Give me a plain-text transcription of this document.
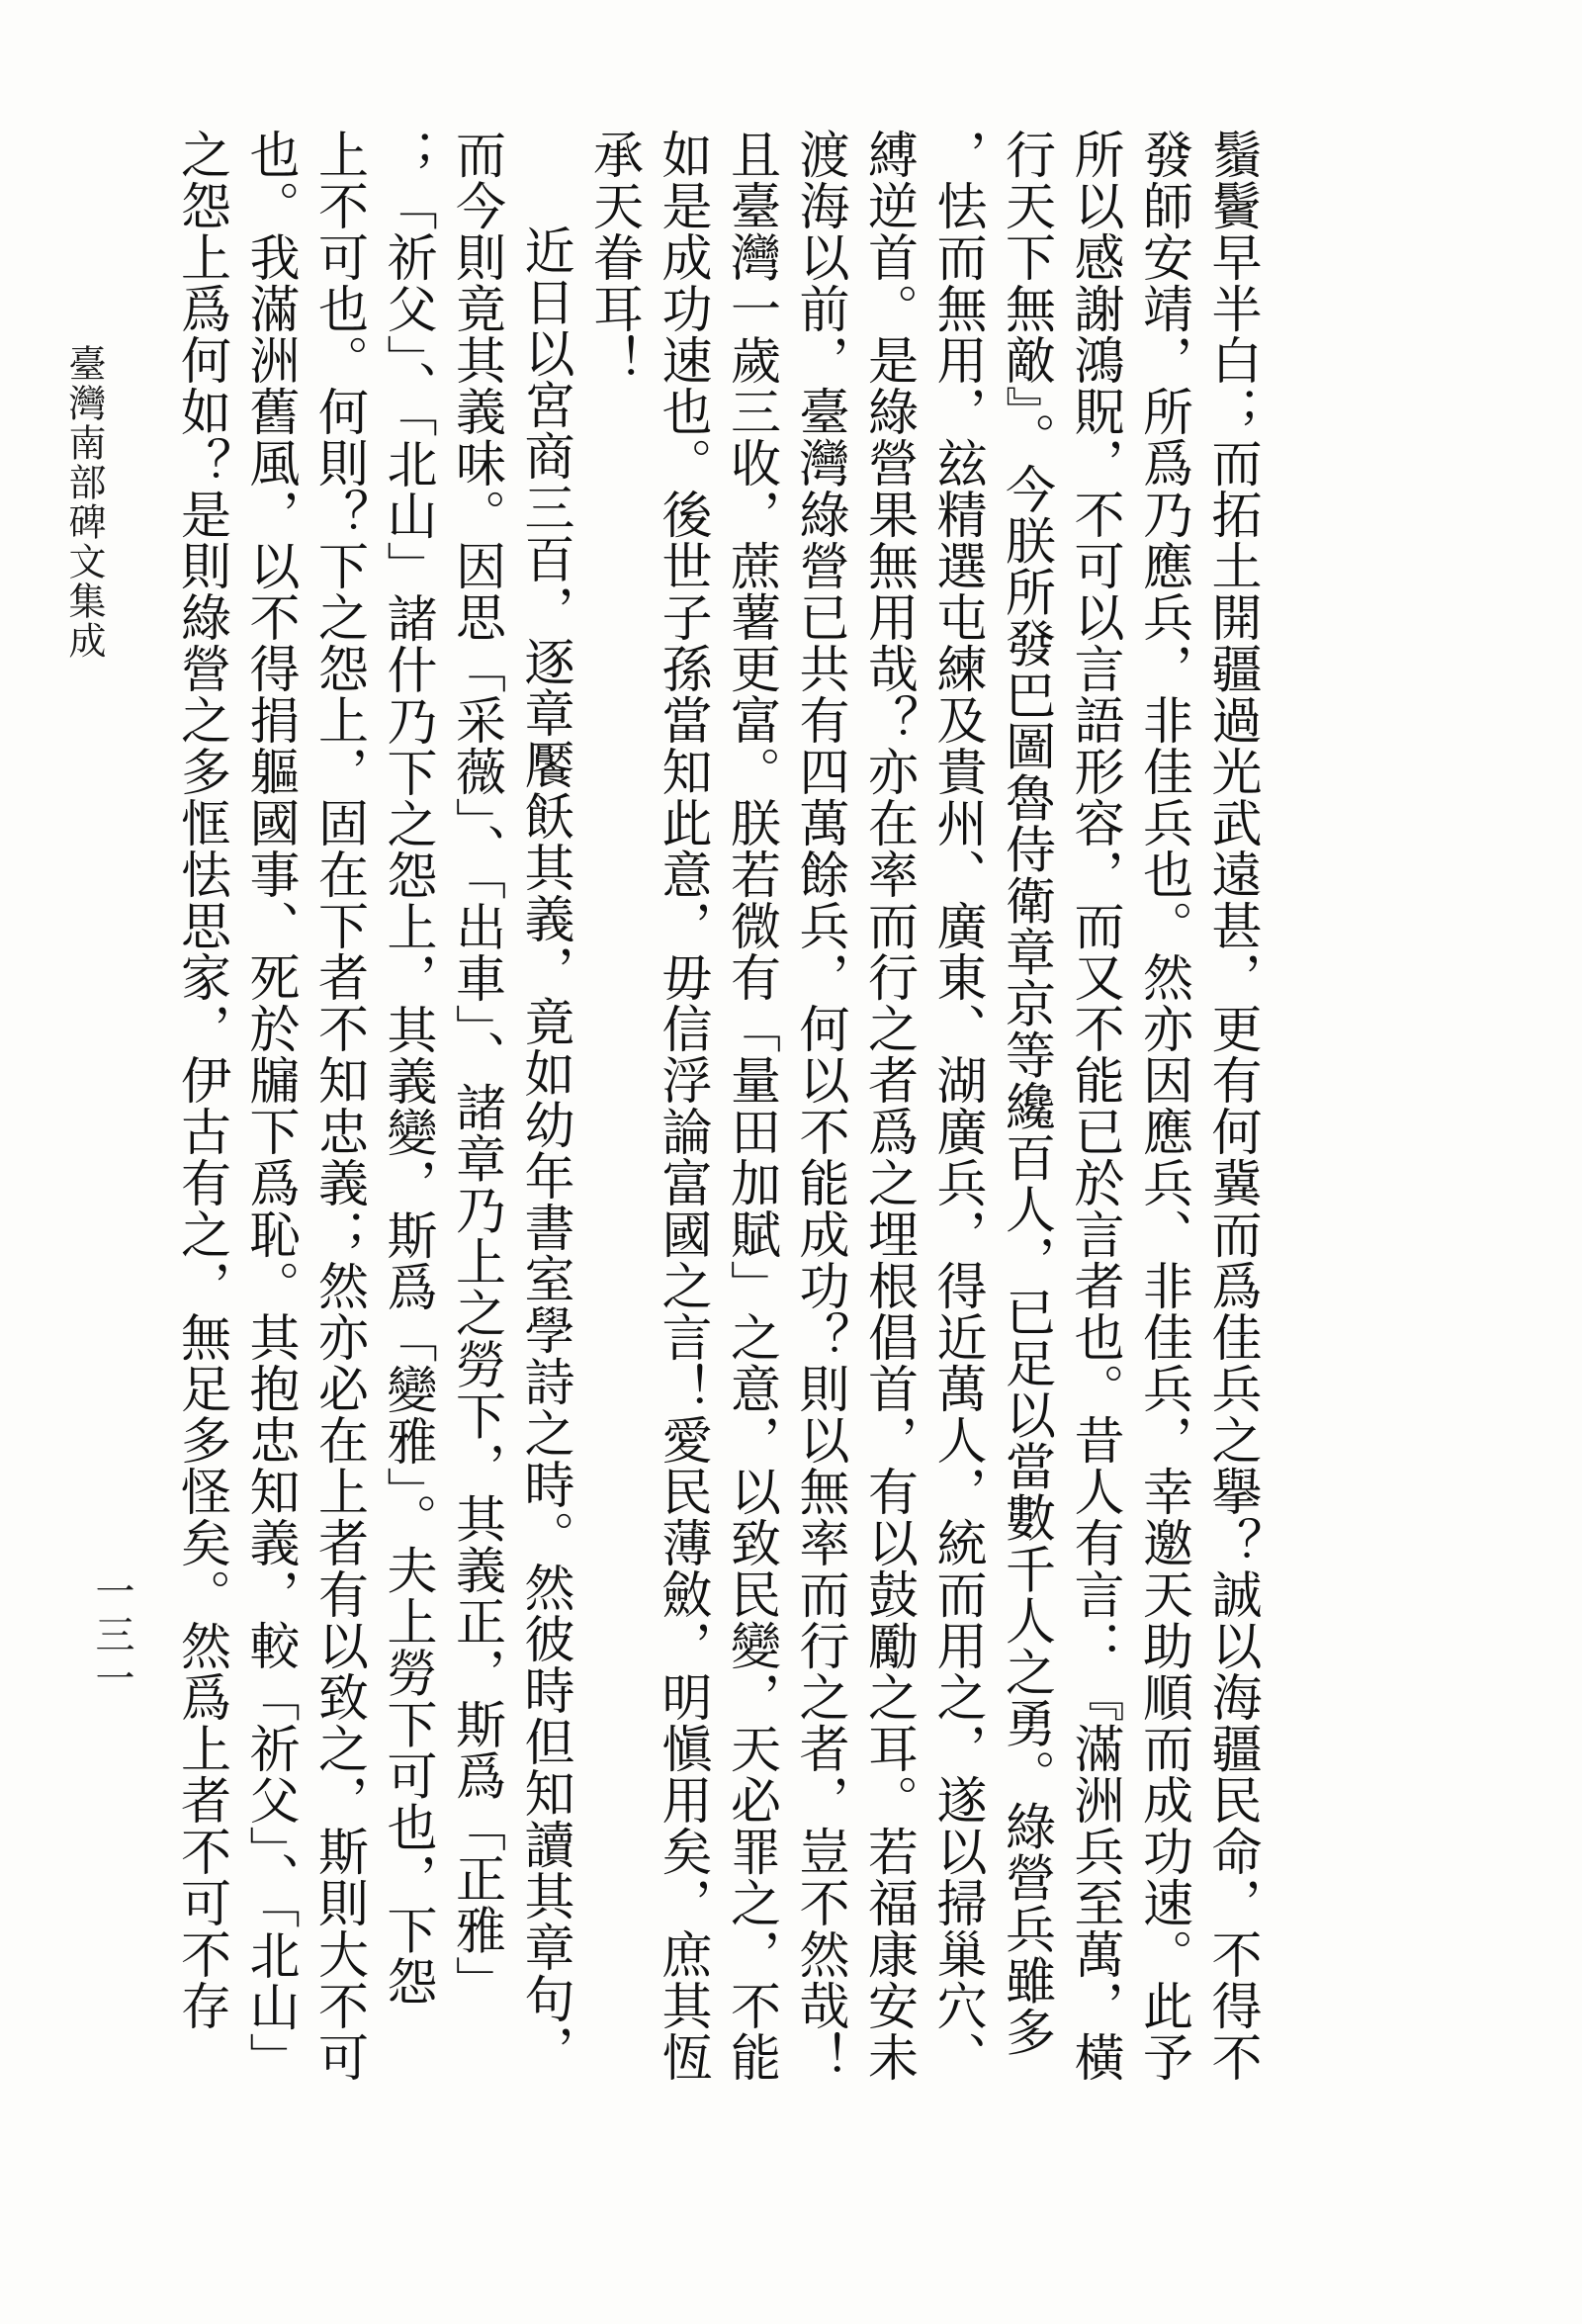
鬚鬢早半白；而拓土開疆過光武遠甚，更有何冀而爲佳兵之擧？誠以海疆民命，不得不
發師安靖，所爲乃應兵，非佳兵也。然亦因應兵、非佳兵，幸邀天助順而成功速。此予
所以感謝鴻貺，不可以言語形容，而又不能已於言者也。昔人有言：『滿洲兵至萬，橫
行天下無敵』。今朕所發巴圖魯侍衛章京等纔百人，已足以當數千人之勇。綠營兵雖多
，怯而無用，玆精選屯練及貴州、廣東、湖廣兵，得近萬人，統而用之，遂以掃巢穴、
縛逆首。是綠營果無用哉？亦在率而行之者爲之埋根倡首，有以鼓勵之耳。若福康安未
渡海以前，臺灣綠營已共有四萬餘兵，何以不能成功？則以無率而行之者，豈不然哉！
且臺灣一歲三收，蔗薯更富。朕若微有「量田加賦」之意，以致民變，天必罪之，不能
如是成功速也。後世子孫當知此意，毋信浮論富國之言！愛民薄斂，明愼用矣，庶其恆
承天眷耳！
近日以宮商三百，逐章饜飫其義，竟如幼年書室學詩之時。然彼時但知讀其章句，
而今則竟其義味。因思「采薇」、「出車」、諸章乃上之勞下，其義正，斯爲「正雅」
；「祈父」、「北山」諸什乃下之怨上，其義變，斯爲「變雅」。夫上勞下可也，下怨
上不可也。何則？下之怨上，固在下者不知忠義；然亦必在上者有以致之，斯則大不可
也。我滿洲舊風，以不得捐軀國事、死於牖下爲恥。其抱忠知義，較「祈父」、「北山」
之怨上爲何如？是則綠營之多恇怯思家，伊古有之，無足多怪矣。然爲上者不可不存
臺灣南部碑文集成
一三一
